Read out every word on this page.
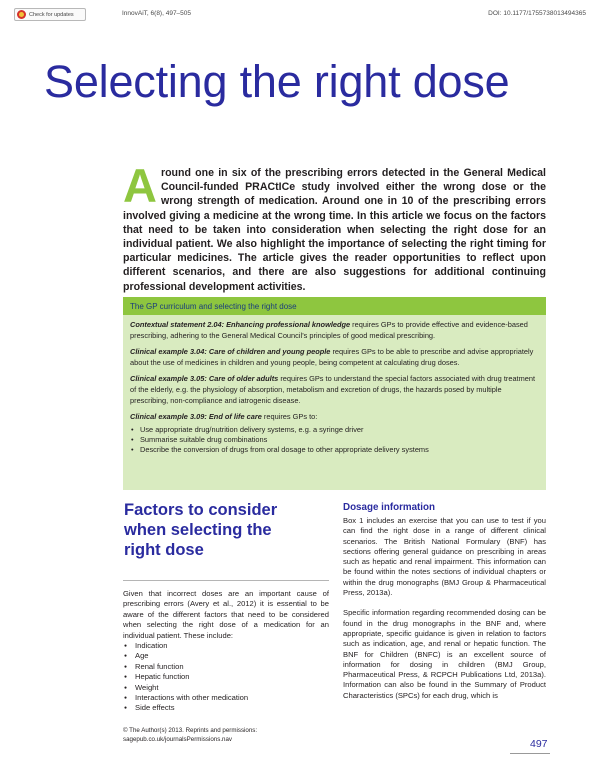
Check for updates	InnovAiT, 6(8), 497–505	DOI: 10.1177/1755738013494365
Selecting the right dose
Around one in six of the prescribing errors detected in the General Medical Council-funded PRACtICe study involved either the wrong dose or the wrong strength of medication. Around one in 10 of the prescribing errors involved giving a medicine at the wrong time. In this article we focus on the factors that need to be taken into consideration when selecting the right dose for an individual patient. We also highlight the importance of selecting the right timing for particular medicines. The article gives the reader opportunities to reflect upon different scenarios, and there are also suggestions for additional continuing professional development activities.
The GP curriculum and selecting the right dose

Contextual statement 2.04: Enhancing professional knowledge requires GPs to provide effective and evidence-based prescribing, adhering to the General Medical Council’s principles of good medical prescribing.

Clinical example 3.04: Care of children and young people requires GPs to be able to prescribe and advise appropriately about the use of medicines in children and young people, being competent at calculating drug doses.

Clinical example 3.05: Care of older adults requires GPs to understand the special factors associated with drug treatment of the elderly, e.g. the physiology of absorption, metabolism and excretion of drugs, the hazards posed by multiple prescribing, non-compliance and iatrogenic disease.

Clinical example 3.09: End of life care requires GPs to:

• Use appropriate drug/nutrition delivery systems, e.g. a syringe driver
• Summarise suitable drug combinations
• Describe the conversion of drugs from oral dosage to other appropriate delivery systems
Factors to consider
when selecting the
right dose

Given that incorrect doses are an important cause of prescribing errors (Avery et al., 2012) it is essential to be aware of the different factors that need to be considered when selecting the right dose of a medication for an individual patient. These include:

● Indication
● Age
● Renal function
● Hepatic function
● Weight
● Interactions with other medication
● Side effects
Dosage information

Box 1 includes an exercise that you can use to test if you can find the right dose in a range of different clinical scenarios. The British National Formulary (BNF) has sections offering general guidance on prescribing in areas such as hepatic and renal impairment. This information can be found within the notes sections of individual chapters or within the drug monographs (BMJ Group & Pharmaceutical Press, 2013a).

Specific information regarding recommended dosing can be found in the drug monographs in the BNF and, where appropriate, specific guidance is given in relation to factors such as indication, age, and renal or hepatic function. The BNF for Children (BNFC) is an excellent source of information for dosing in children (BMJ Group, Pharmaceutical Press, & RCPCH Publications Ltd, 2013a). Information can also be found in the Summary of Product Characteristics (SPCs) for each drug, which is

© The Author(s) 2013. Reprints and permissions:
sagepub.co.uk/journalsPermissions.nav	497
